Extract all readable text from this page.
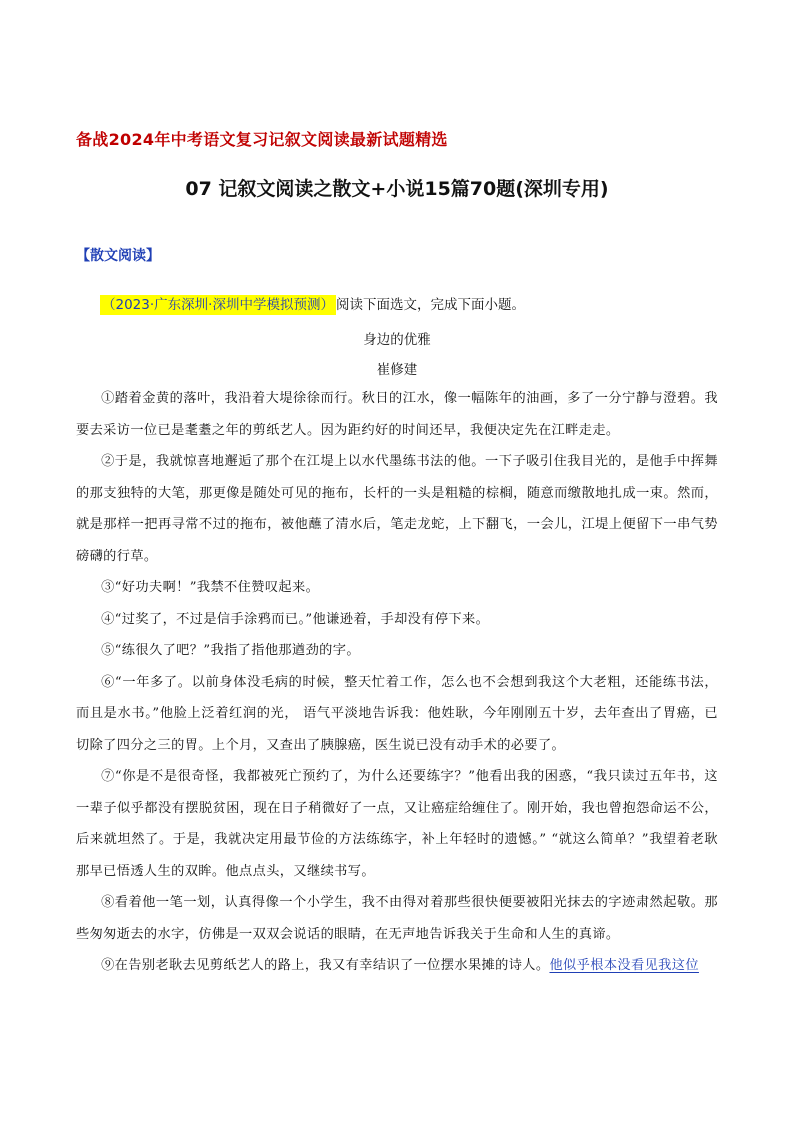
备战2024年中考语文复习记叙文阅读最新试题精选
07 记叙文阅读之散文+小说15篇70题(深圳专用)
【散文阅读】
（2023·广东深圳·深圳中学模拟预测） 阅读下面选文，完成下面小题。
身边的优雅
崔修建

①踏着金黄的落叶，我沿着大堤徐徐而行。秋日的江水，像一幅陈年的油画，多了一分宁静与澄碧。我要去采访一位已是耄耋之年的剪纸艺人。因为距约好的时间还早，我便决定先在江畔走走。

②于是，我就惊喜地邂逅了那个在江堤上以水代墨练书法的他。一下子吸引住我目光的，是他手中挥舞的那支独特的大笔，那更像是随处可见的拖布，长杆的一头是粗糙的棕榈，随意而缴散地扎成一束。然而，就是那样一把再寻常不过的拖布，被他蘸了清水后，笔走龙蛇，上下翻飞，一会儿，江堤上便留下一串气势磅礴的行草。

③“好功夫啊！”我禁不住赞叹起来。

④“过奖了，不过是信手涂鸦而已。”他谦逊着，手却没有停下来。

⑤“练很久了吧？”我指了指他那遒劲的字。

⑥“一年多了。以前身体没毛病的时候，整天忙着工作，怎么也不会想到我这个大老粗，还能练书法，而且是水书。”他脸上泛着红润的光， 语气平淡地告诉我：他姓耿，今年刚刚五十岁，去年查出了胃癌，已切除了四分之三的胃。上个月，又查出了胰腺癌，医生说已没有动手术的必要了。

⑦“你是不是很奇怪，我都被死亡预约了，为什么还要练字？”他看出我的困惑，“我只读过五年书，这一辈子似乎都没有摆脱贫困，现在日子稍微好了一点，又让癌症给缠住了。刚开始，我也曾抱怨命运不公，后来就坦然了。于是，我就决定用最节俭的方法练练字，补上年轻时的遗憾。” “就这么简单？”我望着老耿那早已悟透人生的双眸。他点点头，又继续书写。

⑧看着他一笔一划，认真得像一个小学生，我不由得对着那些很快便要被阳光抹去的字迹肃然起敬。那些匆匆逝去的水字，仿佛是一双双会说话的眼睛，在无声地告诉我关于生命和人生的真谛。

⑨在告别老耿去见剪纸艺人的路上，我又有幸结识了一位摆水果摊的诗人。他似乎根本没看见我这位
